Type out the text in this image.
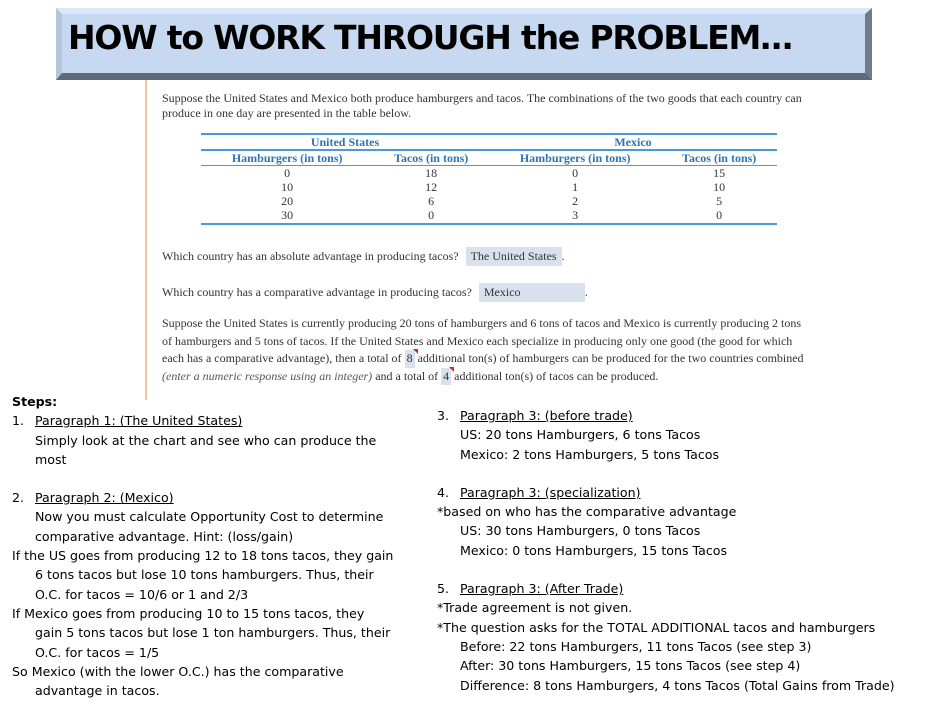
HOW to WORK THROUGH the PROBLEM…
Suppose the United States and Mexico both produce hamburgers and tacos. The combinations of the two goods that each country can produce in one day are presented in the table below.
United States		Mexico	
Hamburgers (in tons)	Tacos (in tons)	Hamburgers (in tons)	Tacos (in tons)
0	18	0	15
10	12	1	10
20	6	2	5
30	0	3	0
Which country has an absolute advantage in producing tacos? The United States .
Which country has a comparative advantage in producing tacos? Mexico	.
Suppose the United States is currently producing 20 tons of hamburgers and 6 tons of tacos and Mexico is currently producing 2 tons of hamburgers and 5 tons of tacos. If the United States and Mexico each specialize in producing only one good (the good for which each has a comparative advantage), then a total of 8 additional ton(s) of hamburgers can be produced for the two countries combined (enter a numeric response using an integer) and a total of 4 additional ton(s) of tacos can be produced.
Steps:
1. Paragraph 1: (The United States)
Simply look at the chart and see who can produce the
most
2. Paragraph 2: (Mexico)
Now you must calculate Opportunity Cost to determine
comparative advantage. Hint: (loss/gain)
If the US goes from producing 12 to 18 tons tacos, they gain
6 tons tacos but lose 10 tons hamburgers. Thus, their
O.C. for tacos = 10/6 or 1 and 2/3
If Mexico goes from producing 10 to 15 tons tacos, they
gain 5 tons tacos but lose 1 ton hamburgers. Thus, their
O.C. for tacos = 1/5
So Mexico (with the lower O.C.) has the comparative
advantage in tacos.
3. Paragraph 3: (before trade)
US: 20 tons Hamburgers, 6 tons Tacos
Mexico: 2 tons Hamburgers, 5 tons Tacos
4. Paragraph 3: (specialization)
*based on who has the comparative advantage
US: 30 tons Hamburgers, 0 tons Tacos
Mexico: 0 tons Hamburgers, 15 tons Tacos
5. Paragraph 3: (After Trade)
*Trade agreement is not given.
*The question asks for the TOTAL ADDITIONAL tacos and hamburgers
Before: 22 tons Hamburgers, 11 tons Tacos (see step 3)
After: 30 tons Hamburgers, 15 tons Tacos (see step 4)
Difference: 8 tons Hamburgers, 4 tons Tacos (Total Gains from Trade)
